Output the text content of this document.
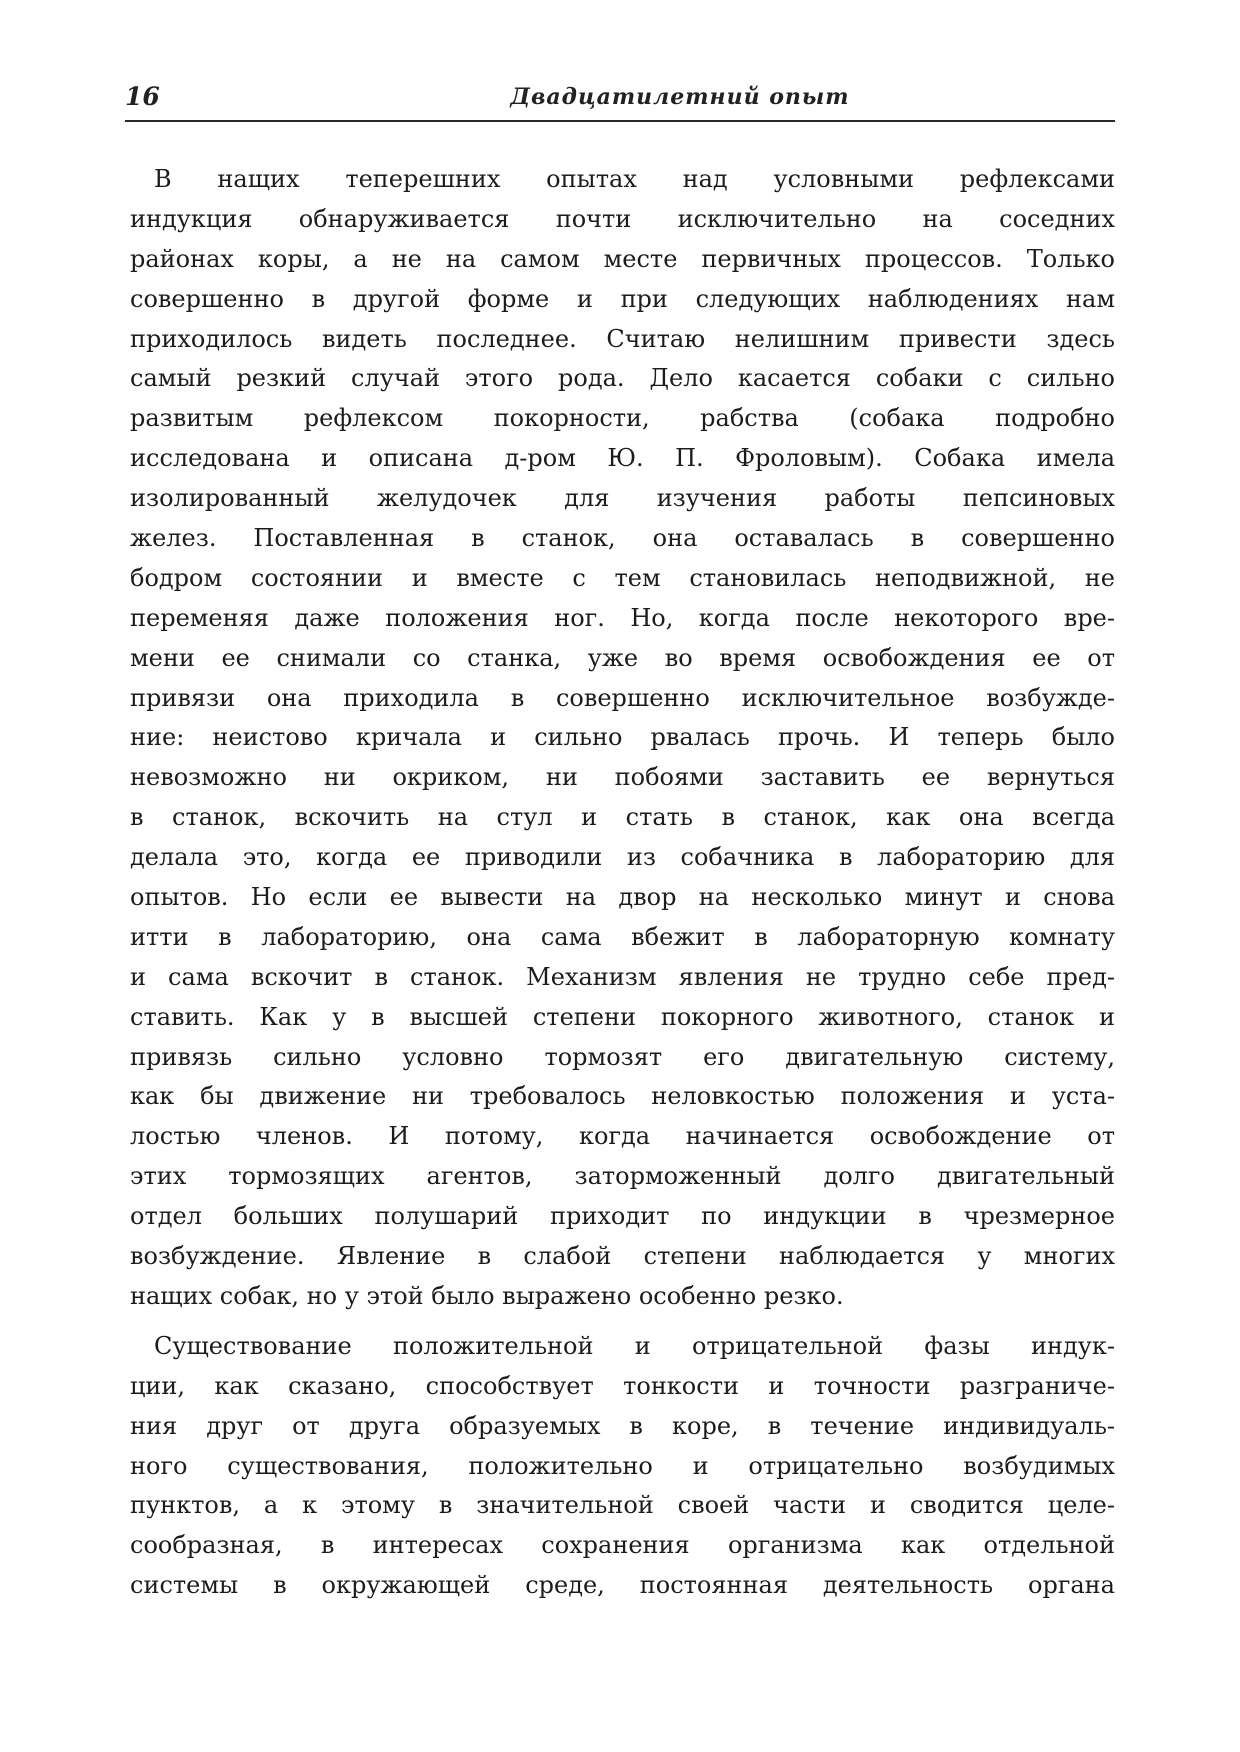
16	Двадцатилетний опыт
 В нащих теперешних опытах над условными рефлексами
индукция обнаруживается почти исключительно на соседних
районах коры, а не на самом месте первичных процессов. Только
совершенно в другой форме и при следующих наблюдениях нам
приходилось видеть последнее. Считаю нелишним привести здесь
самый резкий случай этого рода. Дело касается собаки с сильно
развитым рефлексом покорности, рабства (собака подробно
исследована и описана д-ром Ю. П. Фроловым). Собака имела
изолированный желудочек для изучения работы пепсиновых
желез. Поставленная в станок, она оставалась в совершенно
бодром состоянии и вместе с тем становилась неподвижной, не
переменяя даже положения ног. Но, когда после некоторого вре-
мени ее снимали со станка, уже во время освобождения ее от
привязи она приходила в совершенно исключительное возбужде-
ние: неистово кричала и сильно рвалась прочь. И теперь было
невозможно ни окриком, ни побоями заставить ее вернуться
в станок, вскочить на стул и стать в станок, как она всегда
делала это, когда ее приводили из собачника в лабораторию для
опытов. Но если ее вывести на двор на несколько минут и снова
итти в лабораторию, она сама вбежит в лабораторную комнату
и сама вскочит в станок. Механизм явления не трудно себе пред-
ставить. Как у в высшей степени покорного животного, станок и
привязь сильно условно тормозят его двигательную систему,
как бы движение ни требовалось неловкостью положения и уста-
лостью членов. И потому, когда начинается освобождение от
этих тормозящих агентов, заторможенный долго двигательный
отдел больших полушарий приходит по индукции в чрезмерное
возбуждение. Явление в слабой степени наблюдается у многих
нащих собак, но у этой было выражено особенно резко.
 Существование положительной и отрицательной фазы индук-
ции, как сказано, способствует тонкости и точности разграниче-
ния друг от друга образуемых в коре, в течение индивидуаль-
ного существования, положительно и отрицательно возбудимых
пунктов, а к этому в значительной своей части и сводится целе-
сообразная, в интересах сохранения организма как отдельной
системы в окружающей среде, постоянная деятельность органа
